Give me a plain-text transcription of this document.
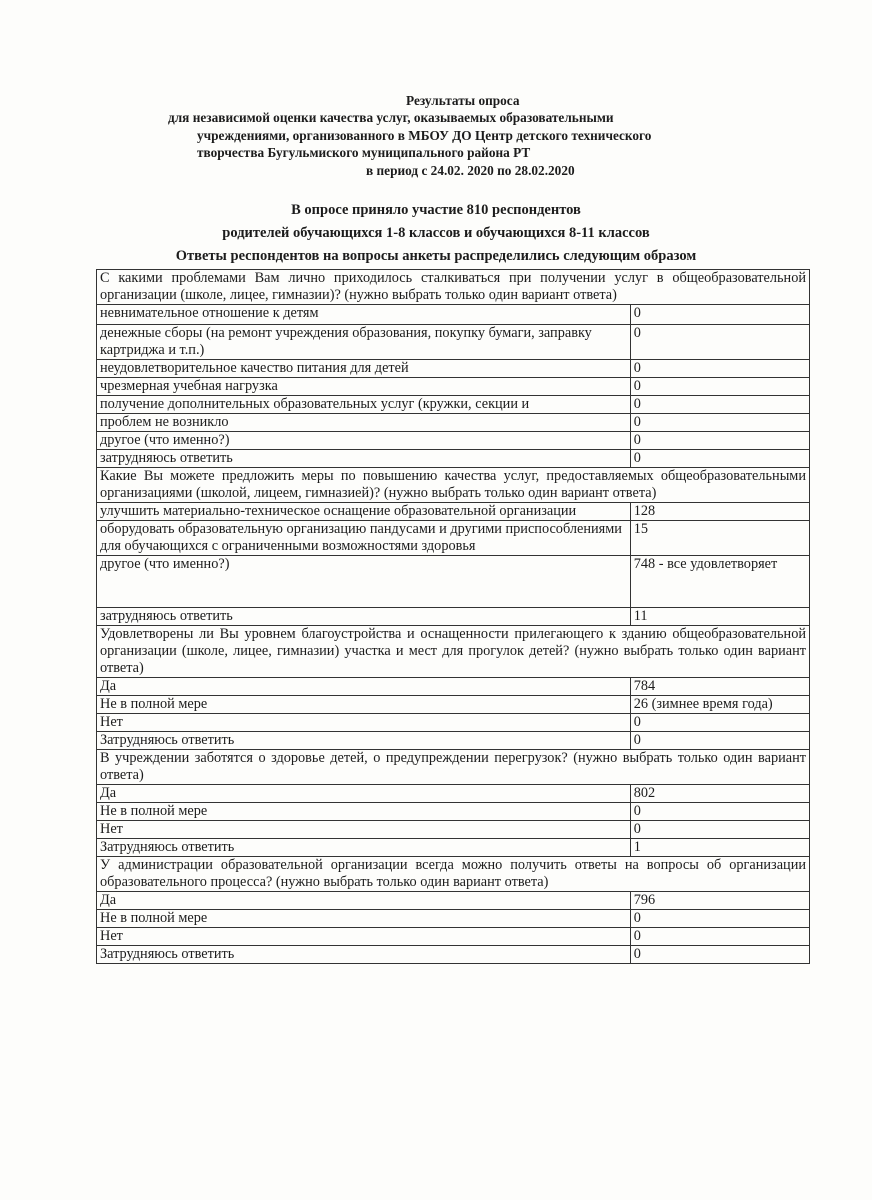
Результаты опроса
для независимой оценки качества услуг, оказываемых образовательными
учреждениями, организованного в МБОУ ДО Центр детского технического
творчества Бугульмиского муниципального района РТ
в период с 24.02. 2020 по 28.02.2020
В опросе приняло участие 810 респондентов
родителей обучающихся 1-8 классов и обучающихся 8-11 классов
Ответы респондентов на вопросы анкеты распределились следующим образом
С какими проблемами Вам лично приходилось сталкиваться при получении услуг в общеобразовательной организации (школе, лицее, гимназии)? (нужно выбрать только один вариант ответа)	
невнимательное отношение к детям	0
денежные сборы (на ремонт учреждения образования, покупку бумаги, заправку картриджа и т.п.)	0
неудовлетворительное качество питания для детей	0
чрезмерная учебная нагрузка	0
получение дополнительных образовательных услуг (кружки, секции и	0
проблем не возникло	0
другое (что именно?)	0
затрудняюсь ответить	0
Какие Вы можете предложить меры по повышению качества услуг, предоставляемых общеобразовательными организациями (школой, лицеем, гимназией)? (нужно выбрать только один вариант ответа)	
улучшить материально-техническое оснащение образовательной организации	128
оборудовать образовательную организацию пандусами и другими приспособлениями для обучающихся с ограниченными возможностями здоровья	15
другое (что именно?)	748 - все удовлетворяет
затрудняюсь ответить	11
Удовлетворены ли Вы уровнем благоустройства и оснащенности прилегающего к зданию общеобразовательной организации (школе, лицее, гимназии) участка и мест для прогулок детей? (нужно выбрать только один вариант ответа)	
Да	784
Не в полной мере	26 (зимнее время года)
Нет	0
Затрудняюсь ответить	0
В учреждении заботятся о здоровье детей, о предупреждении перегрузок? (нужно выбрать только один вариант ответа)	
Да	802
Не в полной мере	0
Нет	0
Затрудняюсь ответить	1
У администрации образовательной организации всегда можно получить ответы на вопросы об организации образовательного процесса? (нужно выбрать только один вариант ответа)	
Да	796
Не в полной мере	0
Нет	0
Затрудняюсь ответить	0
